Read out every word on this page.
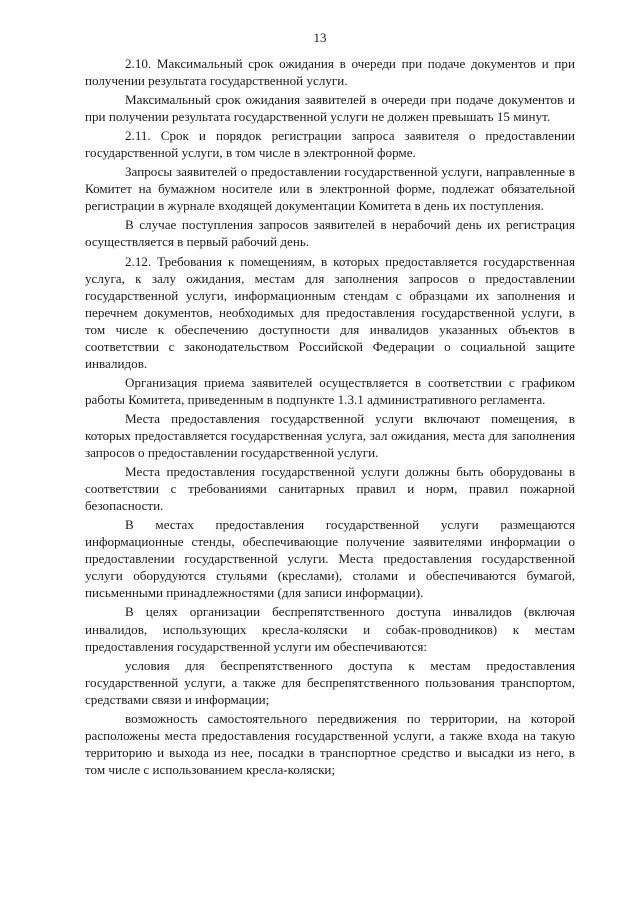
13

2.10. Максимальный срок ожидания в очереди при подаче документов и при получении результата государственной услуги.

Максимальный срок ожидания заявителей в очереди при подаче документов и при получении результата государственной услуги не должен превышать 15 минут.

2.11. Срок и порядок регистрации запроса заявителя о предоставлении государственной услуги, в том числе в электронной форме.

Запросы заявителей о предоставлении государственной услуги, направленные в Комитет на бумажном носителе или в электронной форме, подлежат обязательной регистрации в журнале входящей документации Комитета в день их поступления.

В случае поступления запросов заявителей в нерабочий день их регистрация осуществляется в первый рабочий день.

2.12. Требования к помещениям, в которых предоставляется государственная услуга, к залу ожидания, местам для заполнения запросов о предоставлении государственной услуги, информационным стендам с образцами их заполнения и перечнем документов, необходимых для предоставления государственной услуги, в том числе к обеспечению доступности для инвалидов указанных объектов в соответствии с законодательством Российской Федерации о социальной защите инвалидов.

Организация приема заявителей осуществляется в соответствии с графиком работы Комитета, приведенным в подпункте 1.3.1 административного регламента.

Места предоставления государственной услуги включают помещения, в которых предоставляется государственная услуга, зал ожидания, места для заполнения запросов о предоставлении государственной услуги.

Места предоставления государственной услуги должны быть оборудованы в соответствии с требованиями санитарных правил и норм, правил пожарной безопасности.

В местах предоставления государственной услуги размещаются информационные стенды, обеспечивающие получение заявителями информации о предоставлении государственной услуги. Места предоставления государственной услуги оборудуются стульями (креслами), столами и обеспечиваются бумагой, письменными принадлежностями (для записи информации).

В целях организации беспрепятственного доступа инвалидов (включая инвалидов, использующих кресла-коляски и собак-проводников) к местам предоставления государственной услуги им обеспечиваются:

условия для беспрепятственного доступа к местам предоставления государственной услуги, а также для беспрепятственного пользования транспортом, средствами связи и информации;

возможность самостоятельного передвижения по территории, на которой расположены места предоставления государственной услуги, а также входа на такую территорию и выхода из нее, посадки в транспортное средство и высадки из него, в том числе с использованием кресла-коляски;
